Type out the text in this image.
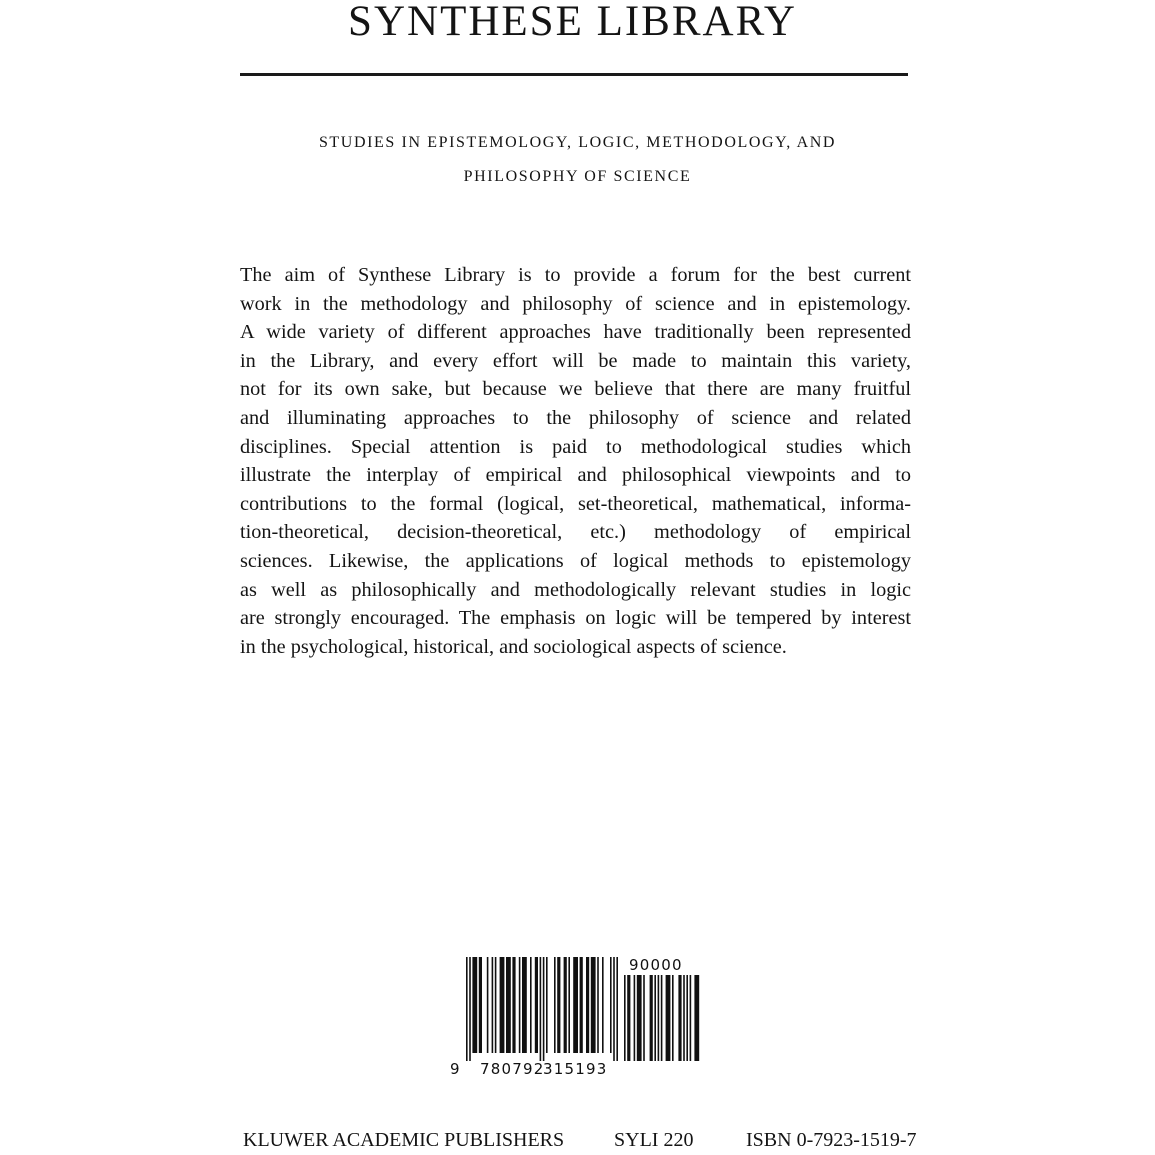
SYNTHESE LIBRARY
STUDIES IN EPISTEMOLOGY, LOGIC, METHODOLOGY, AND
PHILOSOPHY OF SCIENCE
The aim of Synthese Library is to provide a forum for the best current
work in the methodology and philosophy of science and in epistemology.
A wide variety of different approaches have traditionally been represented
in the Library, and every effort will be made to maintain this variety,
not for its own sake, but because we believe that there are many fruitful
and illuminating approaches to the philosophy of science and related
disciplines. Special attention is paid to methodological studies which
illustrate the interplay of empirical and philosophical viewpoints and to
contributions to the formal (logical, set-theoretical, mathematical, informa-
tion-theoretical, decision-theoretical, etc.) methodology of empirical
sciences. Likewise, the applications of logical methods to epistemology
as well as philosophically and methodologically relevant studies in logic
are strongly encouraged. The emphasis on logic will be tempered by interest
in the psychological, historical, and sociological aspects of science.
90000
9 780792
315193
KLUWER ACADEMIC PUBLISHERS SYLI 220	ISBN 0-7923-1519-7
